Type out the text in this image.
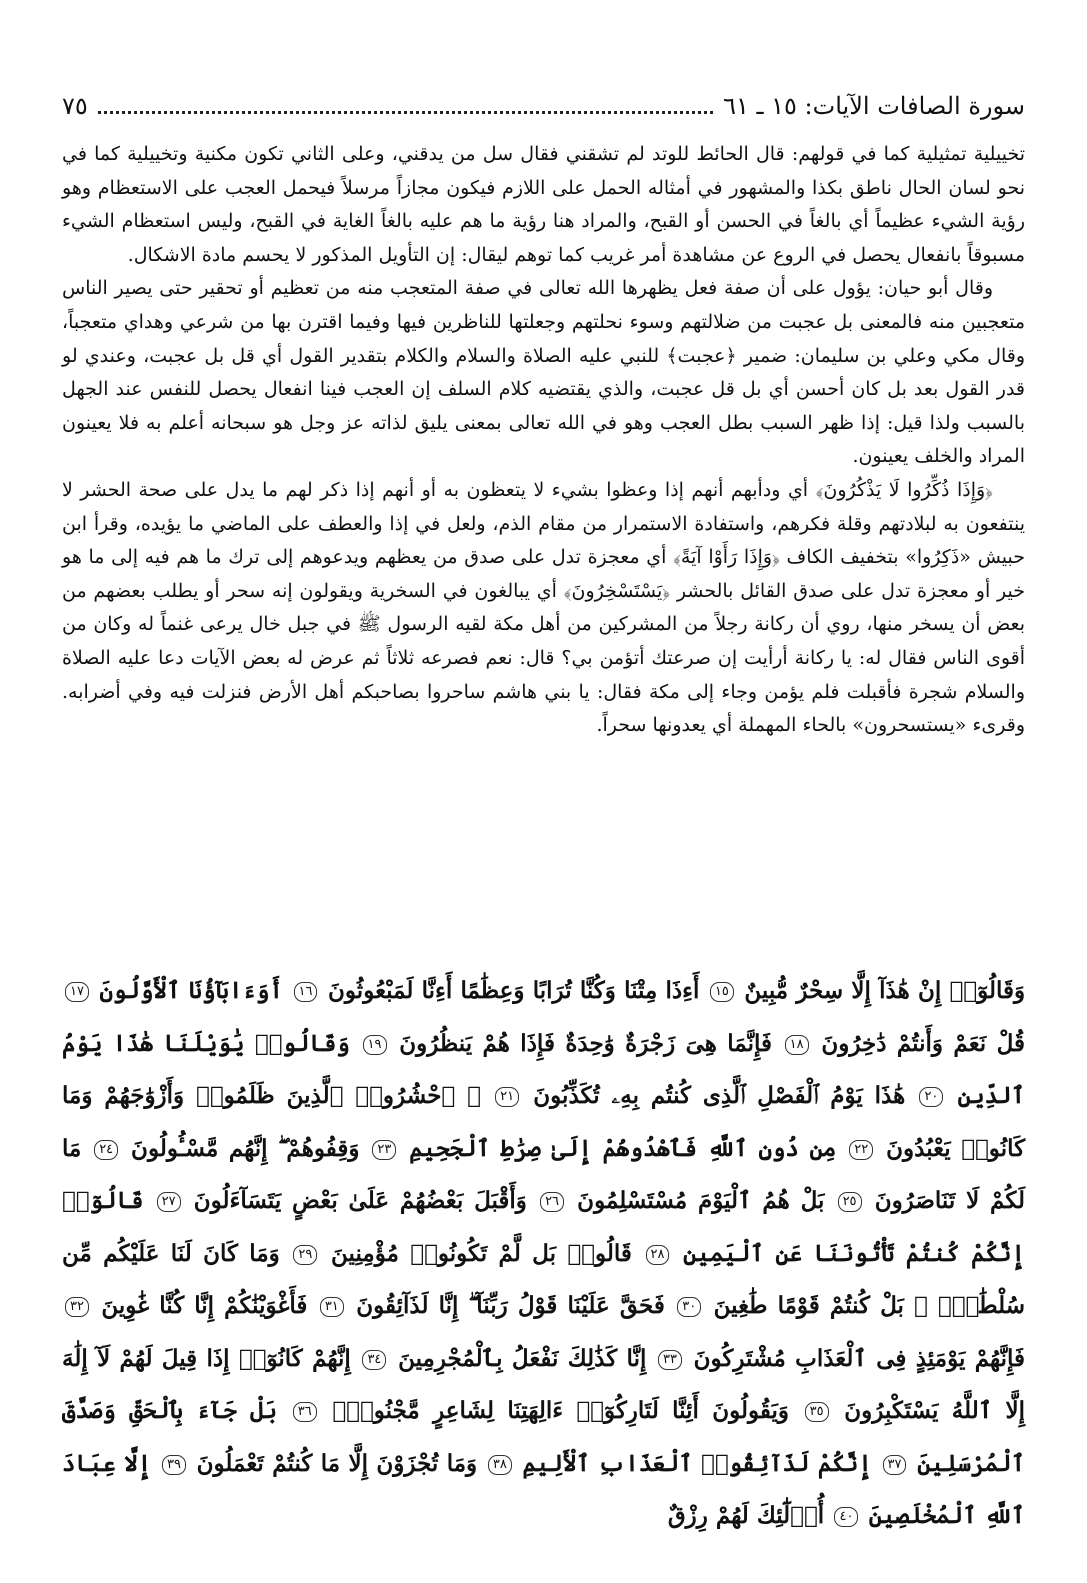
سورة الصافات الآيات: ١٥ ـ ٦١
٧٥

تخييلية تمثيلية كما في قولهم: قال الحائط للوتد لم تشقني فقال سل من يدقني، وعلى الثاني تكون مكنية وتخييلية كما في نحو لسان الحال ناطق بكذا والمشهور في أمثاله الحمل على اللازم فيكون مجازاً مرسلاً فيحمل العجب على الاستعظام وهو رؤية الشيء عظيماً أي بالغاً في الحسن أو القبح، والمراد هنا رؤية ما هم عليه بالغاً الغاية في القبح، وليس استعظام الشيء مسبوقاً بانفعال يحصل في الروع عن مشاهدة أمر غريب كما توهم ليقال: إن التأويل المذكور لا يحسم مادة الاشكال.

وقال أبو حيان: يؤول على أن صفة فعل يظهرها الله تعالى في صفة المتعجب منه من تعظيم أو تحقير حتى يصير الناس متعجبين منه فالمعنى بل عجبت من ضلالتهم وسوء نحلتهم وجعلتها للناظرين فيها وفيما اقترن بها من شرعي وهداي متعجباً، وقال مكي وعلي بن سليمان: ضمير ﴿عجبت﴾ للنبي عليه الصلاة والسلام والكلام بتقدير القول أي قل بل عجبت، وعندي لو قدر القول بعد بل كان أحسن أي بل قل عجبت، والذي يقتضيه كلام السلف إن العجب فينا انفعال يحصل للنفس عند الجهل بالسبب ولذا قيل: إذا ظهر السبب بطل العجب وهو في الله تعالى بمعنى يليق لذاته عز وجل هو سبحانه أعلم به فلا يعينون المراد والخلف يعينون.

﴿وَإِذَا ذُكِّرُوا لَا يَذْكُرُونَ﴾ أي ودأبهم أنهم إذا وعظوا بشيء لا يتعظون به أو أنهم إذا ذكر لهم ما يدل على صحة الحشر لا ينتفعون به لبلادتهم وقلة فكرهم، واستفادة الاستمرار من مقام الذم، ولعل في إذا والعطف على الماضي ما يؤيده، وقرأ ابن حبيش «ذَكِرُوا» بتخفيف الكاف ﴿وَإِذَا رَأَوْا آيَةً﴾ أي معجزة تدل على صدق من يعظهم ويدعوهم إلى ترك ما هم فيه إلى ما هو خير أو معجزة تدل على صدق القائل بالحشر ﴿يَسْتَسْخِرُونَ﴾ أي يبالغون في السخرية ويقولون إنه سحر أو يطلب بعضهم من بعض أن يسخر منها، روي أن ركانة رجلاً من المشركين من أهل مكة لقيه الرسول ﷺ في جبل خال يرعى غنماً له وكان من أقوى الناس فقال له: يا ركانة أرأيت إن صرعتك أتؤمن بي؟ قال: نعم فصرعه ثلاثاً ثم عرض له بعض الآيات دعا عليه الصلاة والسلام شجرة فأقبلت فلم يؤمن وجاء إلى مكة فقال: يا بني هاشم ساحروا بصاحبكم أهل الأرض فنزلت فيه وفي أضرابه. وقرىء «يستسحرون» بالحاء المهملة أي يعدونها سحراً.

وَقَالُوٓا۟ إِنْ هَٰذَآ إِلَّا سِحْرٌ مُّبِينٌ ١٥ أَءِذَا مِتْنَا وَكُنَّا تُرَابًا وَعِظَٰمًا أَءِنَّا لَمَبْعُوثُونَ ١٦ أَوَءَابَآؤُنَا ٱلْأَوَّلُونَ ١٧ قُلْ نَعَمْ وَأَنتُمْ دَٰخِرُونَ ١٨ فَإِنَّمَا هِىَ زَجْرَةٌ وَٰحِدَةٌ فَإِذَا هُمْ يَنظُرُونَ ١٩ وَقَالُوا۟ يَٰوَيْلَنَا هَٰذَا يَوْمُ ٱلدِّينِ ٢٠ هَٰذَا يَوْمُ ٱلْفَصْلِ ٱلَّذِى كُنتُم بِهِۦ تُكَذِّبُونَ ٢١ ۞ ٱحْشُرُوا۟ ٱلَّذِينَ ظَلَمُوا۟ وَأَزْوَٰجَهُمْ وَمَا كَانُوا۟ يَعْبُدُونَ ٢٢ مِن دُونِ ٱللَّهِ فَٱهْدُوهُمْ إِلَىٰ صِرَٰطِ ٱلْجَحِيمِ ٢٣ وَقِفُوهُمْ ۖ إِنَّهُم مَّسْـُٔولُونَ ٢٤ مَا لَكُمْ لَا تَنَاصَرُونَ ٢٥ بَلْ هُمُ ٱلْيَوْمَ مُسْتَسْلِمُونَ ٢٦ وَأَقْبَلَ بَعْضُهُمْ عَلَىٰ بَعْضٍ يَتَسَآءَلُونَ ٢٧ قَالُوٓا۟ إِنَّكُمْ كُنتُمْ تَأْتُونَنَا عَنِ ٱلْيَمِينِ ٢٨ قَالُوا۟ بَل لَّمْ تَكُونُوا۟ مُؤْمِنِينَ ٢٩ وَمَا كَانَ لَنَا عَلَيْكُم مِّن سُلْطَٰنٍۭ ۖ بَلْ كُنتُمْ قَوْمًا طَٰغِينَ ٣٠ فَحَقَّ عَلَيْنَا قَوْلُ رَبِّنَآ ۖ إِنَّا لَذَآئِقُونَ ٣١ فَأَغْوَيْنَٰكُمْ إِنَّا كُنَّا غَٰوِينَ ٣٢ فَإِنَّهُمْ يَوْمَئِذٍ فِى ٱلْعَذَابِ مُشْتَرِكُونَ ٣٣ إِنَّا كَذَٰلِكَ نَفْعَلُ بِٱلْمُجْرِمِينَ ٣٤ إِنَّهُمْ كَانُوٓا۟ إِذَا قِيلَ لَهُمْ لَآ إِلَٰهَ إِلَّا ٱللَّهُ يَسْتَكْبِرُونَ ٣٥ وَيَقُولُونَ أَئِنَّا لَتَارِكُوٓا۟ ءَالِهَتِنَا لِشَاعِرٍ مَّجْنُونٍۭ ٣٦ بَلْ جَآءَ بِٱلْحَقِّ وَصَدَّقَ ٱلْمُرْسَلِينَ ٣٧ إِنَّكُمْ لَذَآئِقُوا۟ ٱلْعَذَابِ ٱلْأَلِيمِ ٣٨ وَمَا تُجْزَوْنَ إِلَّا مَا كُنتُمْ تَعْمَلُونَ ٣٩ إِلَّا عِبَادَ ٱللَّهِ ٱلْمُخْلَصِينَ ٤٠ أُو۟لَٰٓئِكَ لَهُمْ رِزْقٌ
